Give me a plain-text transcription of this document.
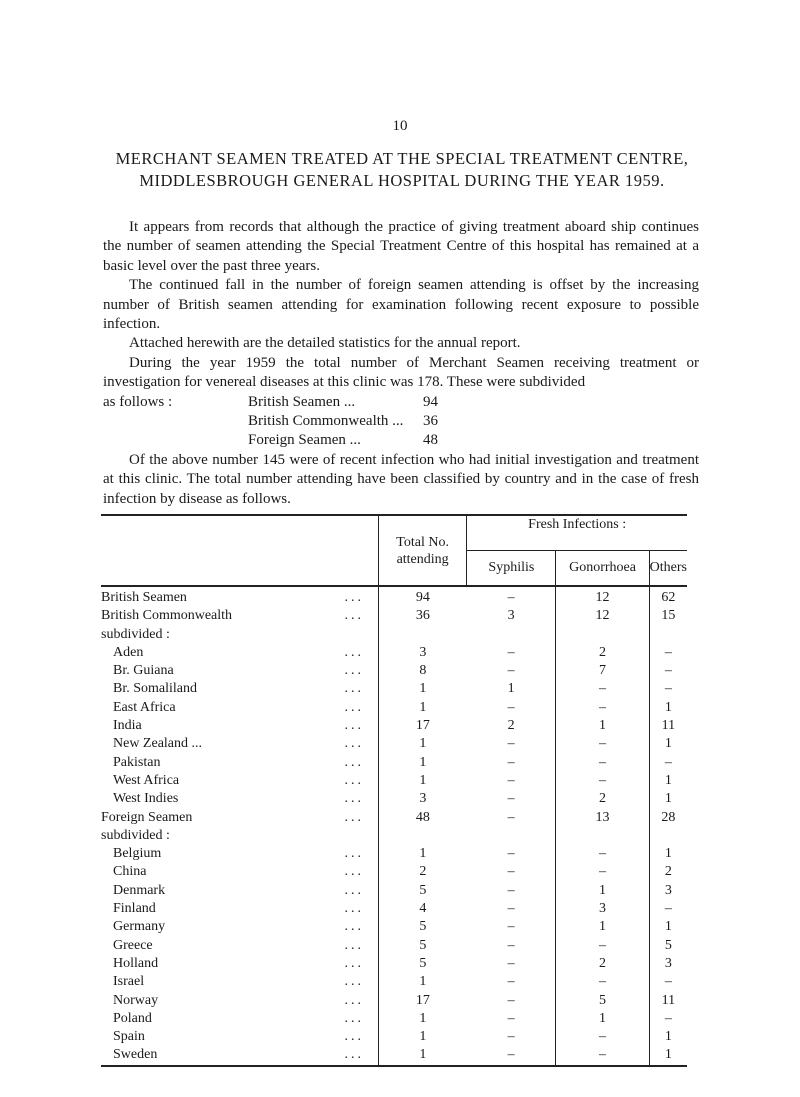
10
MERCHANT SEAMEN TREATED AT THE SPECIAL TREATMENT CENTRE, MIDDLESBROUGH GENERAL HOSPITAL DURING THE YEAR 1959.

It appears from records that although the practice of giving treatment aboard ship continues the number of seamen attending the Special Treatment Centre of this hospital has remained at a basic level over the past three years.

The continued fall in the number of foreign seamen attending is offset by the increasing number of British seamen attending for examination following recent exposure to possible infection.

Attached herewith are the detailed statistics for the annual report.

During the year 1959 the total number of Merchant Seamen receiving treatment or investigation for venereal diseases at this clinic was 178. These were subdivided

as follows :	British Seamen ...	94
British Commonwealth ...	36
Foreign Seamen ...	48

Of the above number 145 were of recent infection who had initial investigation and treatment at this clinic. The total number attending have been classified by country and in the case of fresh infection by disease as follows.

	Total No. attending	Fresh Infections :		
		Syphilis	Gonorrhoea	Others

British Seamen ...	94	–	12	62

British Commonwealth ...	36	3	12	15

subdivided :				

Aden ...	3	–	2	–

Br. Guiana ...	8	–	7	–

Br. Somaliland ...	1	1	–	–

East Africa ...	1	–	–	1

India ...	17	2	1	11

New Zealand ... ...	1	–	–	1

Pakistan ...	1	–	–	–

West Africa ...	1	–	–	1

West Indies ...	3	–	2	1

Foreign Seamen ...	48	–	13	28

subdivided :				

Belgium ...	1	–	–	1

China ...	2	–	–	2

Denmark ...	5	–	1	3

Finland ...	4	–	3	–

Germany ...	5	–	1	1

Greece ...	5	–	–	5

Holland ...	5	–	2	3

Israel ...	1	–	–	–

Norway ...	17	–	5	11

Poland ...	1	–	1	–

Spain ...	1	–	–	1

Sweden ...	1	–	–	1
